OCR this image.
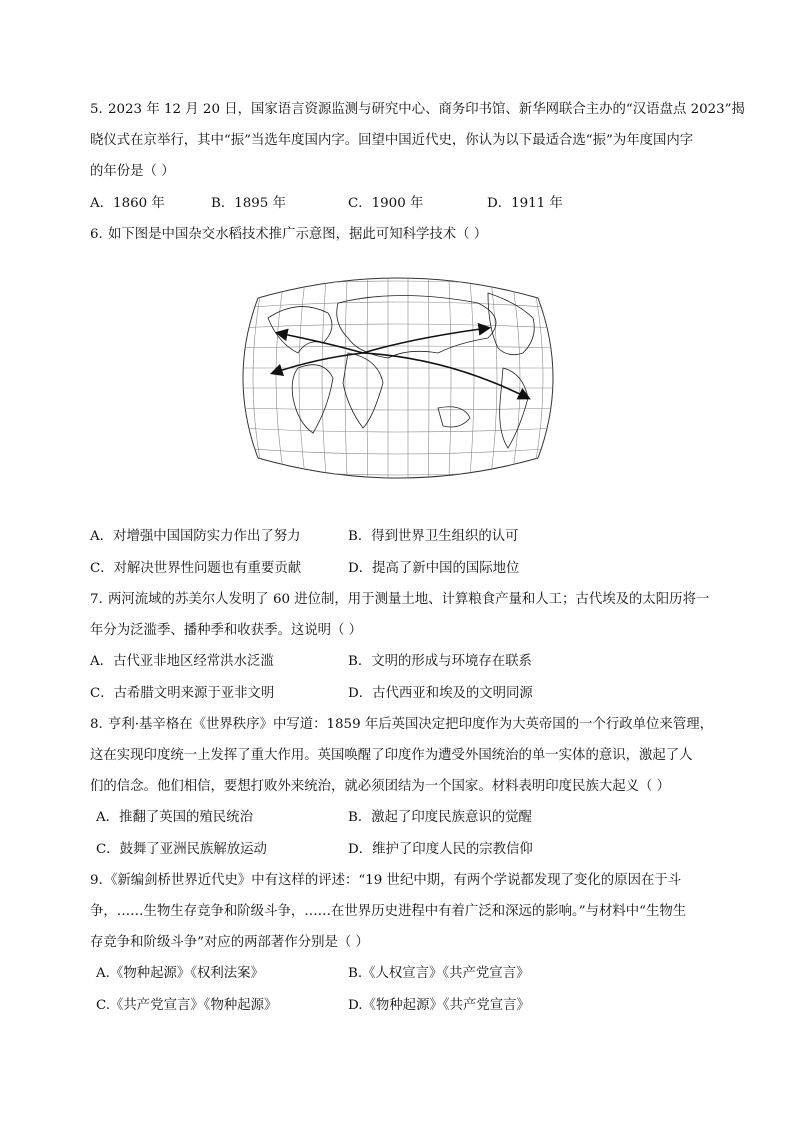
5. 2023 年 12 月 20 日，国家语言资源监测与研究中心、商务印书馆、新华网联合主办的“汉语盘点 2023”揭
晓仪式在京举行，其中“振”当选年度国内字。回望中国近代史，你认为以下最适合选“振”为年度国内字
的年份是（ ）
A．1860 年	B．1895 年	C．1900 年	D．1911 年
6. 如下图是中国杂交水稻技术推广示意图，据此可知科学技术（ ）
A．对增强中国国防实力作出了努力	B．得到世界卫生组织的认可
C．对解决世界性问题也有重要贡献	D．提高了新中国的国际地位
7. 两河流域的苏美尔人发明了 60 进位制，用于测量土地、计算粮食产量和人工；古代埃及的太阳历将一
年分为泛滥季、播种季和收获季。这说明（ ）
A．古代亚非地区经常洪水泛滥	B．文明的形成与环境存在联系
C．古希腊文明来源于亚非文明	D．古代西亚和埃及的文明同源
8. 亨利·基辛格在《世界秩序》中写道：1859 年后英国决定把印度作为大英帝国的一个行政单位来管理，
这在实现印度统一上发挥了重大作用。英国唤醒了印度作为遭受外国统治的单一实体的意识，激起了人
们的信念。他们相信，要想打败外来统治，就必须团结为一个国家。材料表明印度民族大起义（ ）
A．推翻了英国的殖民统治	B．激起了印度民族意识的觉醒
C．鼓舞了亚洲民族解放运动	D．维护了印度人民的宗教信仰
9. 《新编剑桥世界近代史》中有这样的评述：“19 世纪中期，有两个学说都发现了变化的原因在于斗
争，……生物生存竞争和阶级斗争，……在世界历史进程中有着广泛和深远的影响。”与材料中“生物生
存竞争和阶级斗争”对应的两部著作分别是（ ）
A.《物种起源》《权利法案》	B.《人权宣言》《共产党宣言》
C.《共产党宣言》《物种起源》	D.《物种起源》《共产党宣言》
